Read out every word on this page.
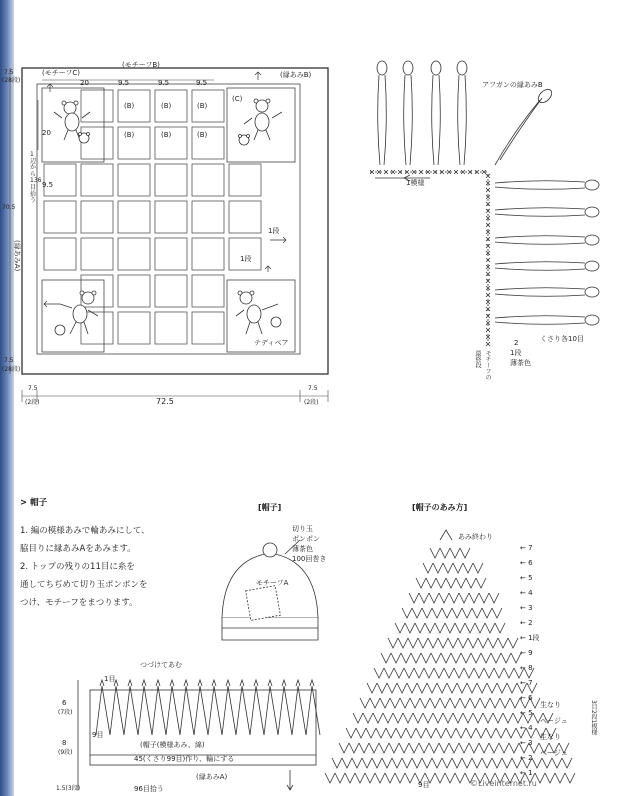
7.5
(28段)
70.5
7.5
(28段)
(モチーフC)
(モチーフB)
(縁あみB)
(縁あみA)
20
20
9.5	9.5	9.5
9.5
1辺から136目拾う
(B)	(B)	(B)
(B)	(B)	(B)
(C)
1段
1段
テディベア
7.5
(2段)	72.5
7.5
(2段)
アフガンの縁あみB
1模様
2
1段
薄茶色
最終段 モチーフの
くさり各10目
> 帽子
1. 編の模様あみで輪あみにして、
脇目りに縁あみAをあみます。
2. トップの残りの11目に糸を
通してちぢめて切り玉ポンポンを
つけ、モチーフをまつります。
[帽子]
切り玉
ポンポン
薄茶色
100回巻き
モチーフA
[帽子のあみ方]
あみ終わり
つづけてあむ
1目
9目
6
(7段)
8
(9段)
1.5(3段)
(帽子(模様あみ、綿)
45(くさり99目)作り、輪にする
(縁あみA)
96目拾う
← 7
← 6
← 5
← 4
← 3
← 2
← 1段
← 9
← 8
← 7
← 6
← 5
← 4
← 3
← 2
← 1
生なり
ベージュ
生なり
ベージュ
3目2段1模様
9目	©Liveinternet.ru
